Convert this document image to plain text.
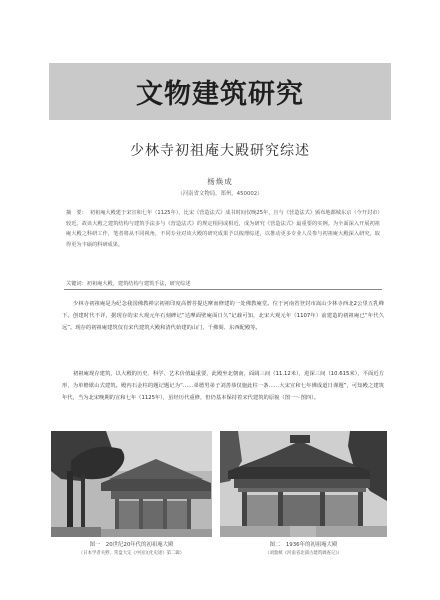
文物建筑研究
少林寺初祖庵大殿研究综述
杨焕成
（河南省文物局，郑州，450002）
摘　要： 初祖庵大殿建于宋宣和七年（1125年），比宋《营造法式》成书时间仅晚25年，且与《营造法式》颁布地都城东京（今开封市）较近。故该大殿之建筑结构与建筑手法多与《营造法式》的规定相同或相近，成为研究《营造法式》最重要的实例。为全面深入开展初祖庵大殿之科研工作，笔者将从不同视角，不同专业对该大殿的研究成果予以梳理综述，以推动更多专业人员参与初祖庵大殿深入研究，取得更为丰硕的科研成果。
关键词：初祖庵大殿，建筑结构与建筑手法，研究综述

少林寺初祖庵是为纪念我国佛教禅宗初祖印度高僧菩提达摩而修建的一处佛教庵堂。位于河南省登封市嵩山少林寺西北2公里五乳峰下。创建时代不详，据现存的宋大观元年石刻碑记“达摩面壁庵面日久”记载可知，北宋大观元年（1107年）前建造的初祖庵已“年代久远”。现存的初祖庵建筑仅有宋代建筑大殿和清代始建的山门、千佛阁、东西配殿等。

初祖庵现存建筑，以大殿的历史、科学、艺术价值最重要，此殿坐北朝南，面阔三间（11.12米），进深三间（10.615米），平面近方形，为单檐歇山式建筑。殿内石金柱的题记题记为“……弟德男弟子刘善恭仅施此柱一条……大宋宣和七年佛成道日谨题”，可知殿之建筑年代，当为北宋晚期的宣和七年（1125年），虽经历代重修，但仍基本保持着宋代建筑的原貌（图一～图四）。

图一　20世纪20年代的初祖庵大殿
（日本学者关野、常盘大定《中国文化史迹》第二辑）
图二　1936年的初祖庵大殿
（刘敦桢《河南省北部古建筑调查记》）
